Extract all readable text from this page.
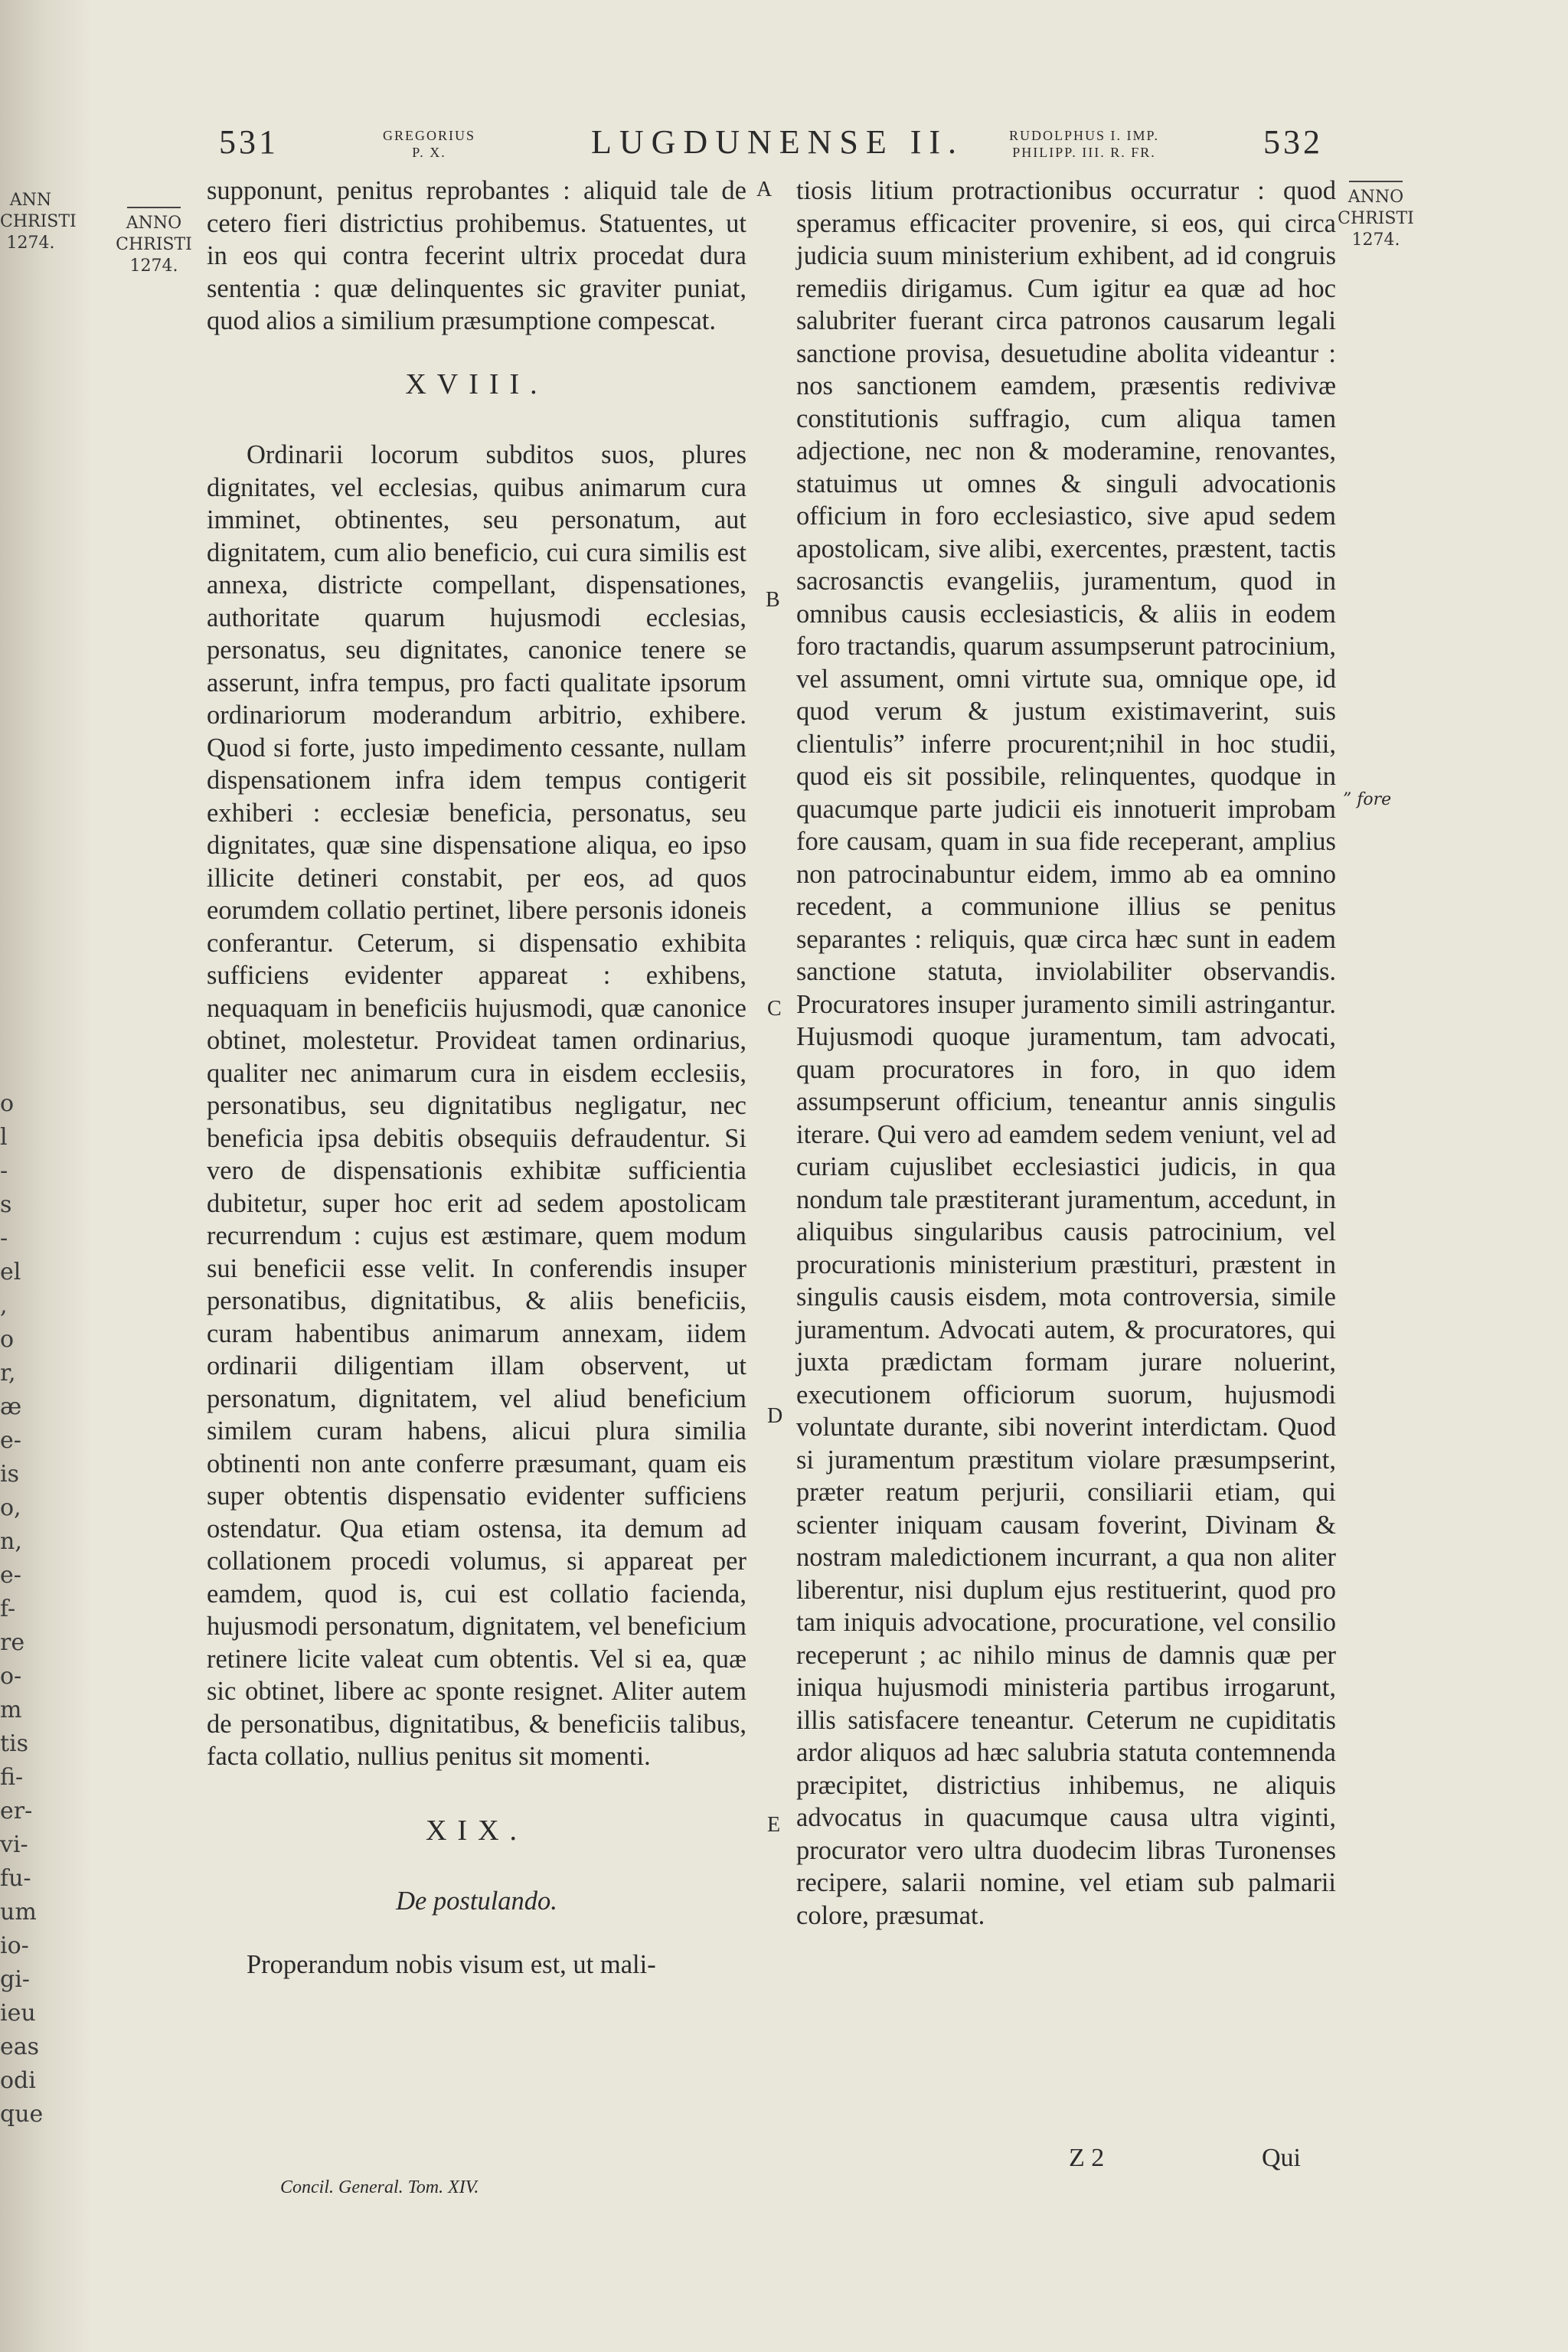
ANN
CHRISTI
1274.
o
l
-
s
-
el
,
o
r,
æ
e-
is
o,
n,
e-
f-
re
o-
m
tis
fi-
er-
vi-
fu-
um
io-
gi-
ieu
eas
odi
que
531	GREGORIUS
P. X.	LUGDUNENSE II.	RUDOLPHUS I. IMP.
PHILIPP. III. R. FR.	532
ANNO
CHRISTI
1274.
ANNO
CHRISTI
1274.

supponunt, penitus reprobantes : aliquid tale de cetero fieri districtius prohibemus. Statuentes, ut in eos qui contra fecerint ultrix procedat dura sententia : quæ delinquentes sic graviter puniat, quod alios a similium præsumptione compescat.

XVIII.

Ordinarii locorum subditos suos, plures dignitates, vel ecclesias, quibus animarum cura imminet, obtinentes, seu personatum, aut dignitatem, cum alio beneficio, cui cura similis est annexa, districte compellant, dispensationes, authoritate quarum hujusmodi ecclesias, personatus, seu dignitates, canonice tenere se asserunt, infra tempus, pro facti qualitate ipsorum ordinariorum moderandum arbitrio, exhibere. Quod si forte, justo impedimento cessante, nullam dispensationem infra idem tempus contigerit exhiberi : ecclesiæ beneficia, personatus, seu dignitates, quæ sine dispensatione aliqua, eo ipso illicite detineri constabit, per eos, ad quos eorumdem collatio pertinet, libere personis idoneis conferantur. Ceterum, si dispensatio exhibita sufficiens evidenter appareat : exhibens, nequaquam in beneficiis hujusmodi, quæ canonice obtinet, molestetur. Provideat tamen ordinarius, qualiter nec animarum cura in eisdem ecclesiis, personatibus, seu dignitatibus negligatur, nec beneficia ipsa debitis obsequiis defraudentur. Si vero de dispensationis exhibitæ sufficientia dubitetur, super hoc erit ad sedem apostolicam recurrendum : cujus est æstimare, quem modum sui beneficii esse velit. In conferendis insuper personatibus, dignitatibus, & aliis beneficiis, curam habentibus animarum annexam, iidem ordinarii diligentiam illam observent, ut personatum, dignitatem, vel aliud beneficium similem curam habens, alicui plura similia obtinenti non ante conferre præsumant, quam eis super obtentis dispensatio evidenter sufficiens ostendatur. Qua etiam ostensa, ita demum ad collationem procedi volumus, si appareat per eamdem, quod is, cui est collatio facienda, hujusmodi personatum, dignitatem, vel beneficium retinere licite valeat cum obtentis. Vel si ea, quæ sic obtinet, libere ac sponte resignet. Aliter autem de personatibus, dignitatibus, & beneficiis talibus, facta collatio, nullius penitus sit momenti.

XIX.
De postulando.

Properandum nobis visum est, ut mali-

tiosis litium protractionibus occurratur : quod speramus efficaciter provenire, si eos, qui circa judicia suum ministerium exhibent, ad id congruis remediis dirigamus. Cum igitur ea quæ ad hoc salubriter fuerant circa patronos causarum legali sanctione provisa, desuetudine abolita videantur : nos sanctionem eamdem, præsentis redivivæ constitutionis suffragio, cum aliqua tamen adjectione, nec non & moderamine, renovantes, statuimus ut omnes & singuli advocationis officium in foro ecclesiastico, sive apud sedem apostolicam, sive alibi, exercentes, præstent, tactis sacrosanctis evangeliis, juramentum, quod in omnibus causis ecclesiasticis, & aliis in eodem foro tractandis, quarum assumpserunt patrocinium, vel assument, omni virtute sua, omnique ope, id quod verum & justum existimaverint, suis clientulis” inferre procurent;nihil in hoc studii, quod eis sit possibile, relinquentes, quodque in quacumque parte judicii eis innotuerit improbam fore causam, quam in sua fide receperant, amplius non patrocinabuntur eidem, immo ab ea omnino recedent, a communione illius se penitus separantes : reliquis, quæ circa hæc sunt in eadem sanctione statuta, inviolabiliter observandis. Procuratores insuper juramento simili astringantur. Hujusmodi quoque juramentum, tam advocati, quam procuratores in foro, in quo idem assumpserunt officium, teneantur annis singulis iterare. Qui vero ad eamdem sedem veniunt, vel ad curiam cujuslibet ecclesiastici judicis, in qua nondum tale præstiterant juramentum, accedunt, in aliquibus singularibus causis patrocinium, vel procurationis ministerium præstituri, præstent in singulis causis eisdem, mota controversia, simile juramentum. Advocati autem, & procuratores, qui juxta prædictam formam jurare noluerint, executionem officiorum suorum, hujusmodi voluntate durante, sibi noverint interdictam. Quod si juramentum præstitum violare præsumpserint, præter reatum perjurii, consiliarii etiam, qui scienter iniquam causam foverint, Divinam & nostram maledictionem incurrant, a qua non aliter liberentur, nisi duplum ejus restituerint, quod pro tam iniquis advocatione, procuratione, vel consilio receperunt ; ac nihilo minus de damnis quæ per iniqua hujusmodi ministeria partibus irrogarunt, illis satisfacere teneantur. Ceterum ne cupiditatis ardor aliquos ad hæc salubria statuta contemnenda præcipitet, districtius inhibemus, ne aliquis advocatus in quacumque causa ultra viginti, procurator vero ultra duodecim libras Turonenses recipere, salarii nomine, vel etiam sub palmarii colore, præsumat.

A
B
C
D
E
” fore
Concil. General. Tom. XIV.
Z 2	Qui
